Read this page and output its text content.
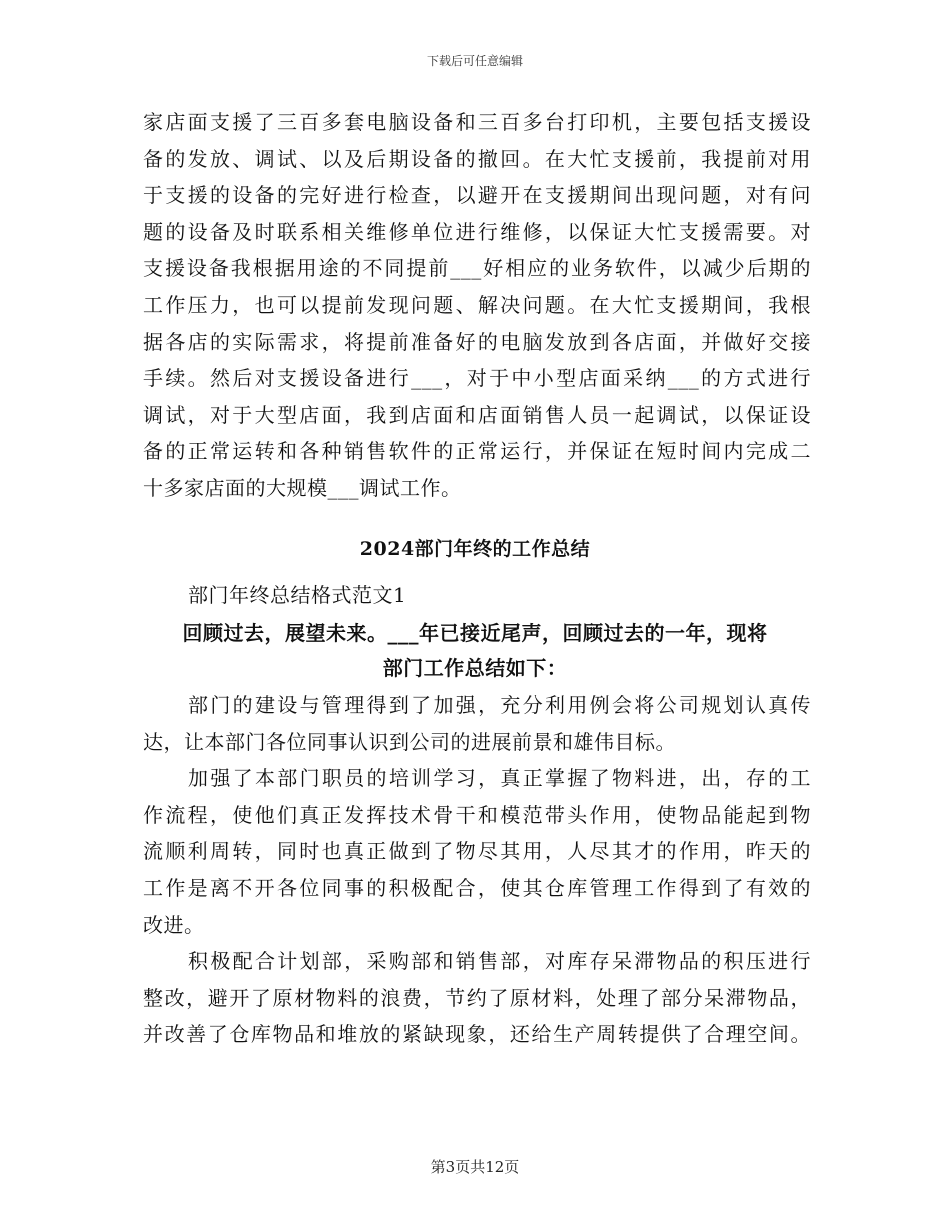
下载后可任意编辑
家店面支援了三百多套电脑设备和三百多台打印机，主要包括支援设
备的发放、调试、以及后期设备的撤回。在大忙支援前，我提前对用
于支援的设备的完好进行检查，以避开在支援期间出现问题，对有问
题的设备及时联系相关维修单位进行维修，以保证大忙支援需要。对
支援设备我根据用途的不同提前___好相应的业务软件，以减少后期的
工作压力，也可以提前发现问题、解决问题。在大忙支援期间，我根
据各店的实际需求，将提前准备好的电脑发放到各店面，并做好交接
手续。然后对支援设备进行___，对于中小型店面采纳___的方式进行
调试，对于大型店面，我到店面和店面销售人员一起调试，以保证设
备的正常运转和各种销售软件的正常运行，并保证在短时间内完成二
十多家店面的大规模___调试工作。
2024部门年终的工作总结
部门年终总结格式范文1
回顾过去，展望未来。___年已接近尾声，回顾过去的一年，现将
部门工作总结如下：
部门的建设与管理得到了加强，充分利用例会将公司规划认真传
达，让本部门各位同事认识到公司的进展前景和雄伟目标。
加强了本部门职员的培训学习，真正掌握了物料进，出，存的工
作流程，使他们真正发挥技术骨干和模范带头作用，使物品能起到物
流顺利周转，同时也真正做到了物尽其用，人尽其才的作用，昨天的
工作是离不开各位同事的积极配合，使其仓库管理工作得到了有效的
改进。
积极配合计划部，采购部和销售部，对库存呆滞物品的积压进行
整改，避开了原材物料的浪费，节约了原材料，处理了部分呆滞物品，
并改善了仓库物品和堆放的紧缺现象，还给生产周转提供了合理空间。
第3页共12页
